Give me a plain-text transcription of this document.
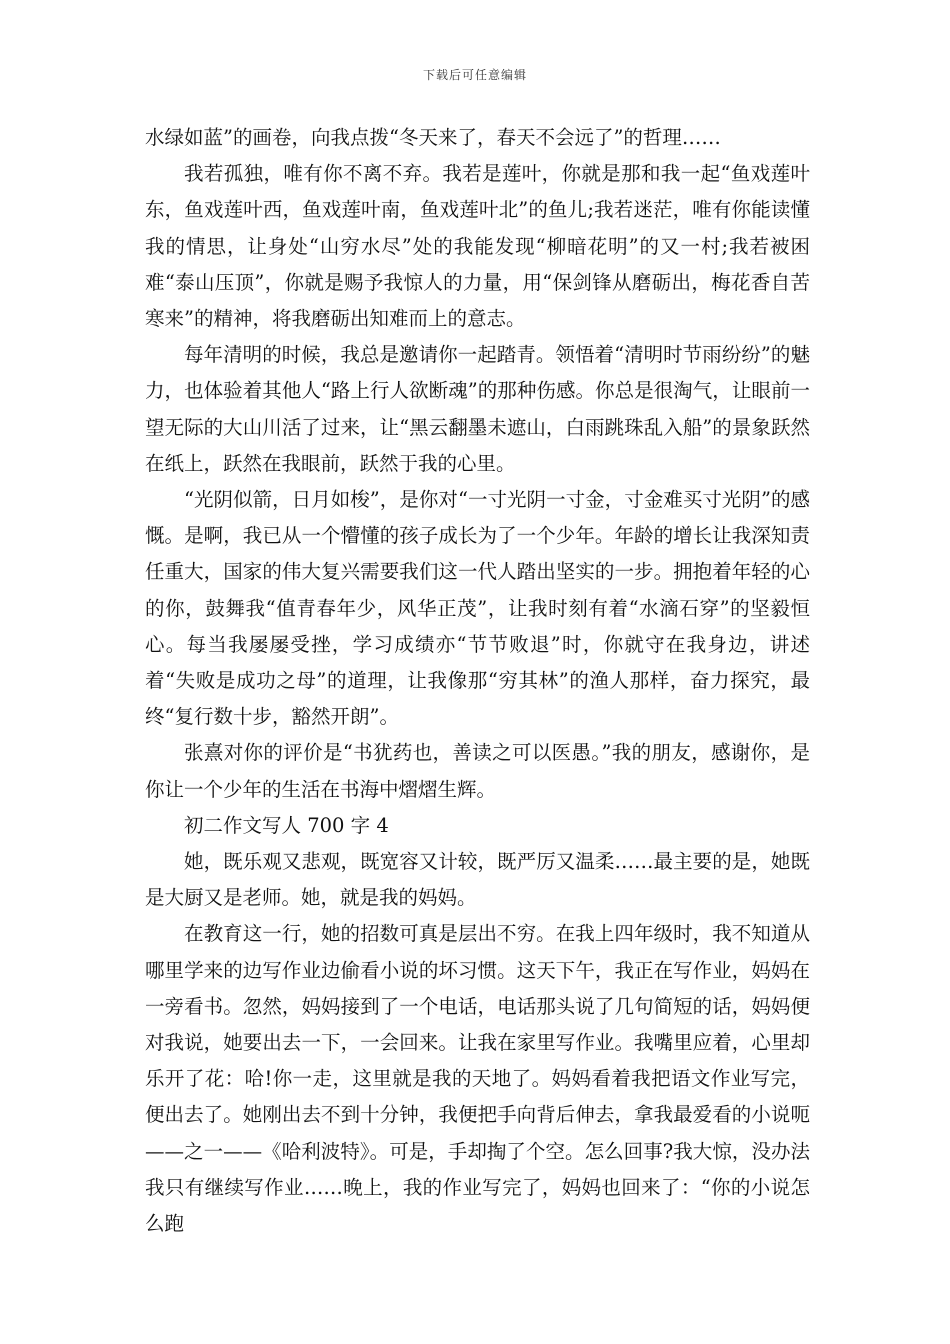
下载后可任意编辑

水绿如蓝”的画卷，向我点拨“冬天来了，春天不会远了”的哲理……

我若孤独，唯有你不离不弃。我若是莲叶，你就是那和我一起“鱼戏莲叶东，鱼戏莲叶西，鱼戏莲叶南，鱼戏莲叶北”的鱼儿;我若迷茫，唯有你能读懂我的情思，让身处“山穷水尽”处的我能发现“柳暗花明”的又一村;我若被困难“泰山压顶”，你就是赐予我惊人的力量，用“保剑锋从磨砺出，梅花香自苦寒来”的精神，将我磨砺出知难而上的意志。

每年清明的时候，我总是邀请你一起踏青。领悟着“清明时节雨纷纷”的魅力，也体验着其他人“路上行人欲断魂”的那种伤感。你总是很淘气，让眼前一望无际的大山川活了过来，让“黑云翻墨未遮山，白雨跳珠乱入船”的景象跃然在纸上，跃然在我眼前，跃然于我的心里。

“光阴似箭，日月如梭”，是你对“一寸光阴一寸金，寸金难买寸光阴”的感慨。是啊，我已从一个懵懂的孩子成长为了一个少年。年龄的增长让我深知责任重大，国家的伟大复兴需要我们这一代人踏出坚实的一步。拥抱着年轻的心的你，鼓舞我“值青春年少，风华正茂”，让我时刻有着“水滴石穿”的坚毅恒心。每当我屡屡受挫，学习成绩亦“节节败退”时，你就守在我身边，讲述着“失败是成功之母”的道理，让我像那“穷其林”的渔人那样，奋力探究，最终“复行数十步，豁然开朗”。

张熹对你的评价是“书犹药也，善读之可以医愚。”我的朋友，感谢你，是你让一个少年的生活在书海中熠熠生辉。

初二作文写人 700 字 4

她，既乐观又悲观，既宽容又计较，既严厉又温柔……最主要的是，她既是大厨又是老师。她，就是我的妈妈。

在教育这一行，她的招数可真是层出不穷。在我上四年级时，我不知道从哪里学来的边写作业边偷看小说的坏习惯。这天下午，我正在写作业，妈妈在一旁看书。忽然，妈妈接到了一个电话，电话那头说了几句简短的话，妈妈便对我说，她要出去一下，一会回来。让我在家里写作业。我嘴里应着，心里却乐开了花：哈!你一走，这里就是我的天地了。妈妈看着我把语文作业写完，便出去了。她刚出去不到十分钟，我便把手向背后伸去，拿我最爱看的小说呃——之一——《哈利波特》。可是，手却掏了个空。怎么回事?我大惊，没办法我只有继续写作业……晚上，我的作业写完了，妈妈也回来了：“你的小说怎么跑
